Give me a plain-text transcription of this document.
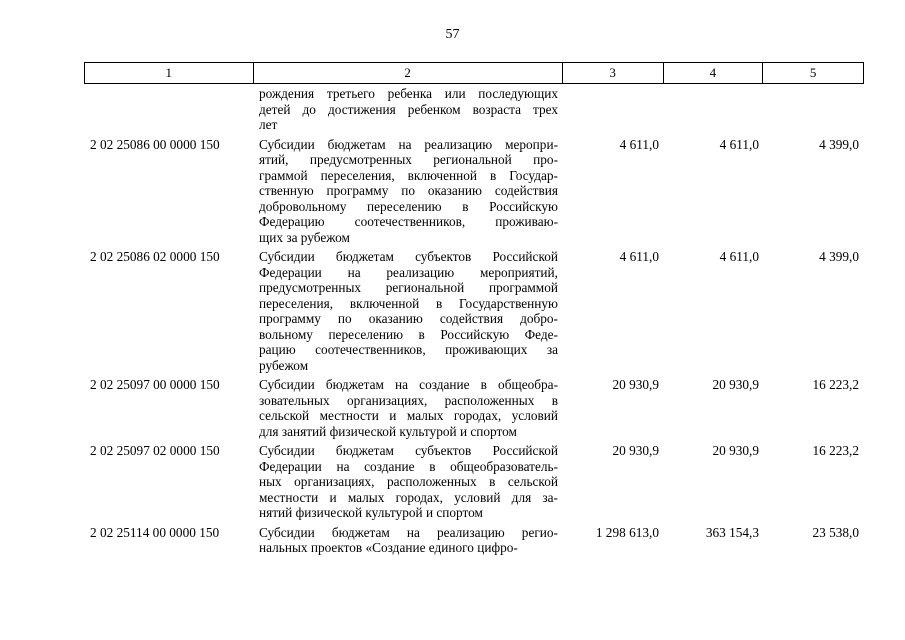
57
1	2	3	4	5
рождения третьего ребенка или последующих
детей до достижения ребенком возраста трех
лет
2 02 25086 00 0000 150	Субсидии бюджетам на реализацию меропри-
ятий, предусмотренных региональной про-
граммой переселения, включенной в Государ-
ственную программу по оказанию содействия
добровольному переселению в Российскую
Федерацию соотечественников, проживаю-
щих за рубежом
4 611,0	4 611,0	4 399,0
2 02 25086 02 0000 150	Субсидии бюджетам субъектов Российской
Федерации на реализацию мероприятий,
предусмотренных региональной программой
переселения, включенной в Государственную
программу по оказанию содействия добро-
вольному переселению в Российскую Феде-
рацию соотечественников, проживающих за
рубежом
4 611,0	4 611,0	4 399,0
2 02 25097 00 0000 150	Субсидии бюджетам на создание в общеобра-
зовательных организациях, расположенных в
сельской местности и малых городах, условий
для занятий физической культурой и спортом
20 930,9	20 930,9	16 223,2
2 02 25097 02 0000 150	Субсидии бюджетам субъектов Российской
Федерации на создание в общеобразователь-
ных организациях, расположенных в сельской
местности и малых городах, условий для за-
нятий физической культурой и спортом
20 930,9	20 930,9	16 223,2
2 02 25114 00 0000 150	Субсидии бюджетам на реализацию регио-
нальных проектов «Создание единого цифро-
1 298 613,0	363 154,3	23 538,0
